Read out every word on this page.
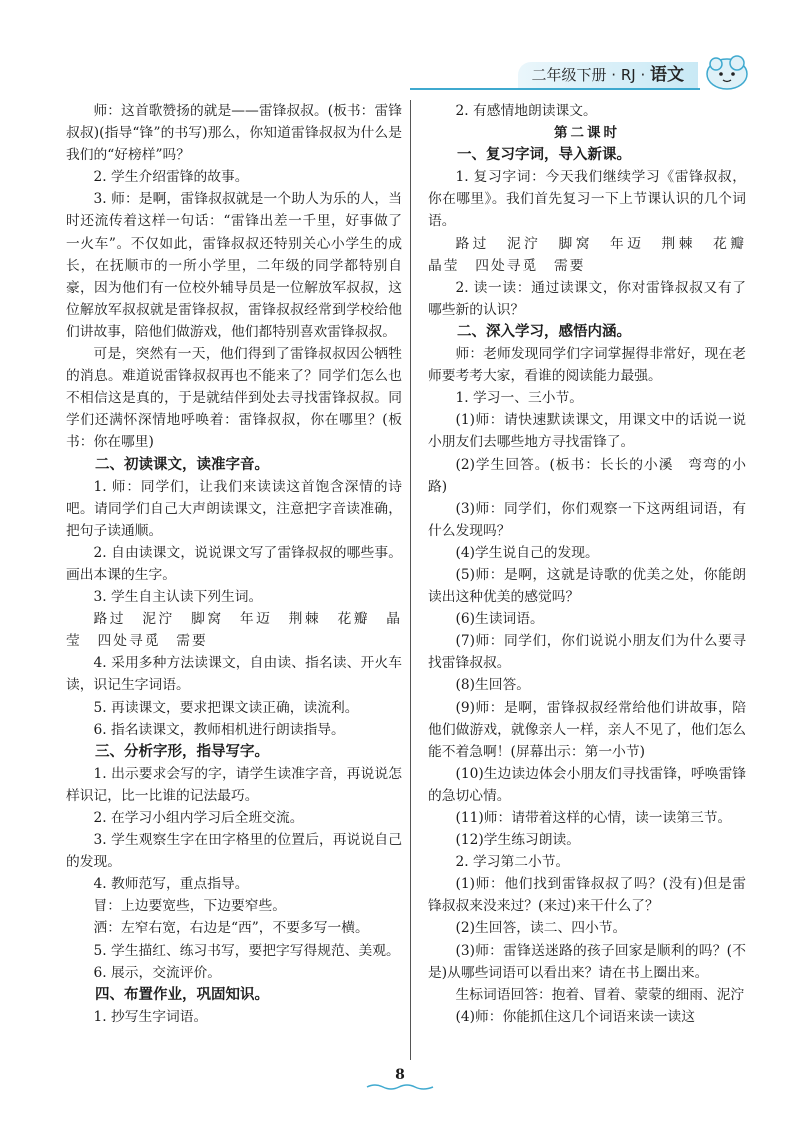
二年级下册 · RJ · 语文

师：这首歌赞扬的就是——雷锋叔叔。(板书：雷锋叔叔)(指导“锋”的书写)那么，你知道雷锋叔叔为什么是我们的“好榜样”吗？

2. 学生介绍雷锋的故事。

3. 师：是啊，雷锋叔叔就是一个助人为乐的人，当时还流传着这样一句话：“雷锋出差一千里，好事做了一火车”。不仅如此，雷锋叔叔还特别关心小学生的成长，在抚顺市的一所小学里，二年级的同学都特别自豪，因为他们有一位校外辅导员是一位解放军叔叔，这位解放军叔叔就是雷锋叔叔，雷锋叔叔经常到学校给他们讲故事，陪他们做游戏，他们都特别喜欢雷锋叔叔。

可是，突然有一天，他们得到了雷锋叔叔因公牺牲的消息。难道说雷锋叔叔再也不能来了？同学们怎么也不相信这是真的，于是就结伴到处去寻找雷锋叔叔。同学们还满怀深情地呼唤着：雷锋叔叔，你在哪里？(板书：你在哪里)

二、初读课文，读准字音。

1. 师：同学们，让我们来读读这首饱含深情的诗吧。请同学们自己大声朗读课文，注意把字音读准确，把句子读通顺。

2. 自由读课文，说说课文写了雷锋叔叔的哪些事。画出本课的生字。

3. 学生自主认读下列生词。

路过　泥泞　脚窝　年迈　荆棘　花瓣　晶莹　四处寻觅　需要

4. 采用多种方法读课文，自由读、指名读、开火车读，识记生字词语。

5. 再读课文，要求把课文读正确，读流利。

6. 指名读课文，教师相机进行朗读指导。

三、分析字形，指导写字。

1. 出示要求会写的字，请学生读准字音，再说说怎样识记，比一比谁的记法最巧。

2. 在学习小组内学习后全班交流。

3. 学生观察生字在田字格里的位置后，再说说自己的发现。

4. 教师范写，重点指导。

冒：上边要宽些，下边要窄些。

洒：左窄右宽，右边是“西”，不要多写一横。

5. 学生描红、练习书写，要把字写得规范、美观。

6. 展示，交流评价。

四、布置作业，巩固知识。

1. 抄写生字词语。

2. 有感情地朗读课文。

第二课时

一、复习字词，导入新课。

1. 复习字词：今天我们继续学习《雷锋叔叔，你在哪里》。我们首先复习一下上节课认识的几个词语。

路过　泥泞　脚窝　年迈　荆棘　花瓣　晶莹　四处寻觅　需要

2. 读一读：通过读课文，你对雷锋叔叔又有了哪些新的认识？

二、深入学习，感悟内涵。

师：老师发现同学们字词掌握得非常好，现在老师要考考大家，看谁的阅读能力最强。

1. 学习一、三小节。

(1)师：请快速默读课文，用课文中的话说一说小朋友们去哪些地方寻找雷锋了。

(2)学生回答。(板书：长长的小溪　弯弯的小路)

(3)师：同学们，你们观察一下这两组词语，有什么发现吗？

(4)学生说自己的发现。

(5)师：是啊，这就是诗歌的优美之处，你能朗读出这种优美的感觉吗？

(6)生读词语。

(7)师：同学们，你们说说小朋友们为什么要寻找雷锋叔叔。

(8)生回答。

(9)师：是啊，雷锋叔叔经常给他们讲故事，陪他们做游戏，就像亲人一样，亲人不见了，他们怎么能不着急啊！(屏幕出示：第一小节)

(10)生边读边体会小朋友们寻找雷锋，呼唤雷锋的急切心情。

(11)师：请带着这样的心情，读一读第三节。

(12)学生练习朗读。

2. 学习第二小节。

(1)师：他们找到雷锋叔叔了吗？(没有)但是雷锋叔叔来没来过？(来过)来干什么了？

(2)生回答，读二、四小节。

(3)师：雷锋送迷路的孩子回家是顺利的吗？(不是)从哪些词语可以看出来？请在书上圈出来。

生标词语回答：抱着、冒着、蒙蒙的细雨、泥泞

(4)师：你能抓住这几个词语来读一读这

8
